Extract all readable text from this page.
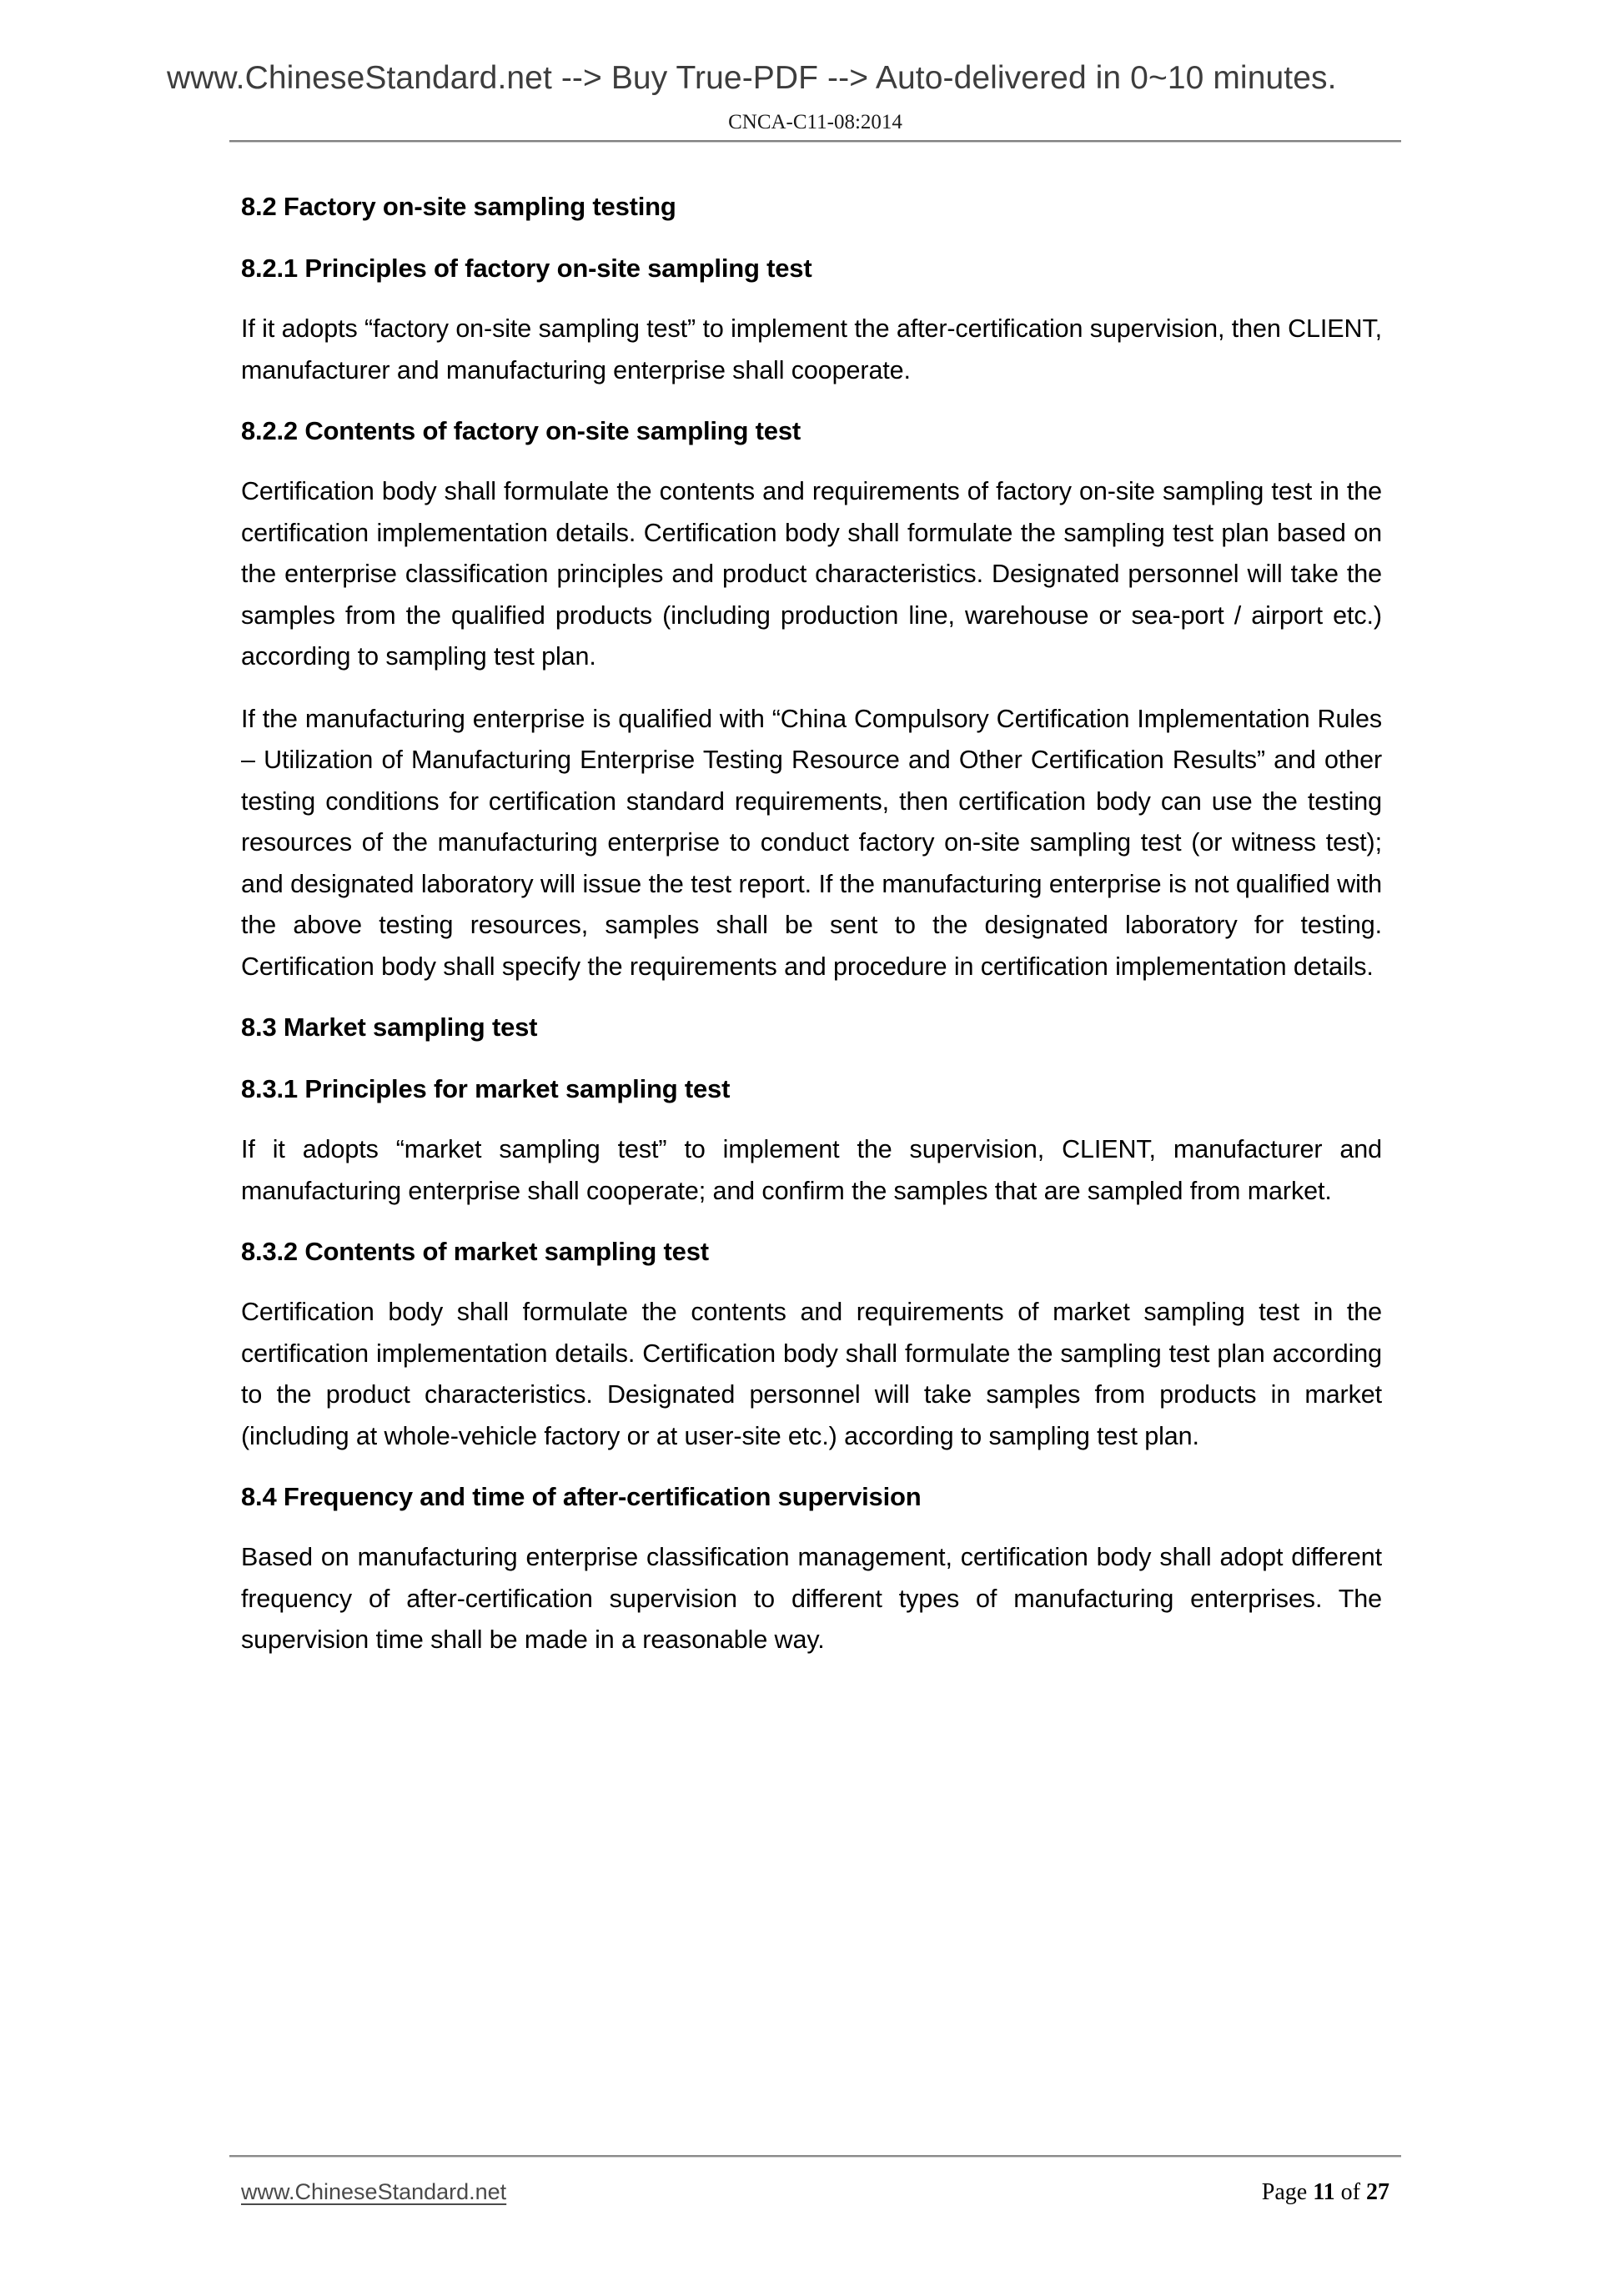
www.ChineseStandard.net --> Buy True-PDF --> Auto-delivered in 0~10 minutes.
CNCA-C11-08:2014
8.2 Factory on-site sampling testing
8.2.1 Principles of factory on-site sampling test

If it adopts “factory on-site sampling test” to implement the after-certification supervision, then CLIENT, manufacturer and manufacturing enterprise shall cooperate.

8.2.2 Contents of factory on-site sampling test

Certification body shall formulate the contents and requirements of factory on-site sampling test in the certification implementation details. Certification body shall formulate the sampling test plan based on the enterprise classification principles and product characteristics. Designated personnel will take the samples from the qualified products (including production line, warehouse or sea-port / airport etc.) according to sampling test plan.

If the manufacturing enterprise is qualified with “China Compulsory Certification Implementation Rules – Utilization of Manufacturing Enterprise Testing Resource and Other Certification Results” and other testing conditions for certification standard requirements, then certification body can use the testing resources of the manufacturing enterprise to conduct factory on-site sampling test (or witness test); and designated laboratory will issue the test report. If the manufacturing enterprise is not qualified with the above testing resources, samples shall be sent to the designated laboratory for testing. Certification body shall specify the requirements and procedure in certification implementation details.

8.3 Market sampling test
8.3.1 Principles for market sampling test

If it adopts “market sampling test” to implement the supervision, CLIENT, manufacturer and manufacturing enterprise shall cooperate; and confirm the samples that are sampled from market.

8.3.2 Contents of market sampling test

Certification body shall formulate the contents and requirements of market sampling test in the certification implementation details. Certification body shall formulate the sampling test plan according to the product characteristics. Designated personnel will take samples from products in market (including at whole-vehicle factory or at user-site etc.) according to sampling test plan.

8.4 Frequency and time of after-certification supervision

Based on manufacturing enterprise classification management, certification body shall adopt different frequency of after-certification supervision to different types of manufacturing enterprises. The supervision time shall be made in a reasonable way.

www.ChineseStandard.net	Page 11 of 27
